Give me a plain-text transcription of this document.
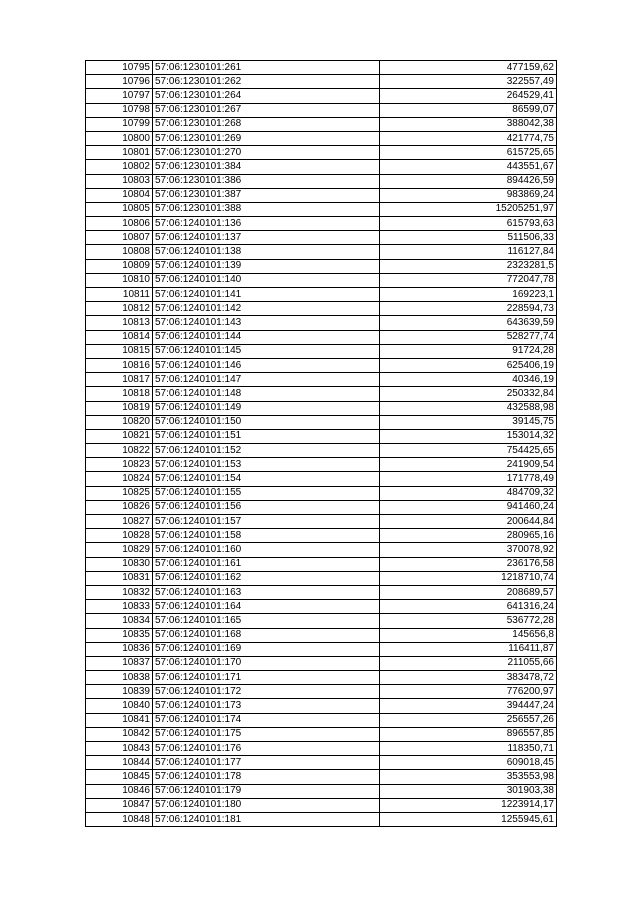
10795	57:06:1230101:261	477159,62
10796	57:06:1230101:262	322557,49
10797	57:06:1230101:264	264529,41
10798	57:06:1230101:267	86599,07
10799	57:06:1230101:268	388042,38
10800	57:06:1230101:269	421774,75
10801	57:06:1230101:270	615725,65
10802	57:06:1230101:384	443551,67
10803	57:06:1230101:386	894426,59
10804	57:06:1230101:387	983869,24
10805	57:06:1230101:388	15205251,97
10806	57:06:1240101:136	615793,63
10807	57:06:1240101:137	511506,33
10808	57:06:1240101:138	116127,84
10809	57:06:1240101:139	2323281,5
10810	57:06:1240101:140	772047,78
10811	57:06:1240101:141	169223,1
10812	57:06:1240101:142	228594,73
10813	57:06:1240101:143	643639,59
10814	57:06:1240101:144	528277,74
10815	57:06:1240101:145	91724,28
10816	57:06:1240101:146	625406,19
10817	57:06:1240101:147	40346,19
10818	57:06:1240101:148	250332,84
10819	57:06:1240101:149	432588,98
10820	57:06:1240101:150	39145,75
10821	57:06:1240101:151	153014,32
10822	57:06:1240101:152	754425,65
10823	57:06:1240101:153	241909,54
10824	57:06:1240101:154	171778,49
10825	57:06:1240101:155	484709,32
10826	57:06:1240101:156	941460,24
10827	57:06:1240101:157	200644,84
10828	57:06:1240101:158	280965,16
10829	57:06:1240101:160	370078,92
10830	57:06:1240101:161	236176,58
10831	57:06:1240101:162	1218710,74
10832	57:06:1240101:163	208689,57
10833	57:06:1240101:164	641316,24
10834	57:06:1240101:165	536772,28
10835	57:06:1240101:168	145656,8
10836	57:06:1240101:169	116411,87
10837	57:06:1240101:170	211055,66
10838	57:06:1240101:171	383478,72
10839	57:06:1240101:172	776200,97
10840	57:06:1240101:173	394447,24
10841	57:06:1240101:174	256557,26
10842	57:06:1240101:175	896557,85
10843	57:06:1240101:176	118350,71
10844	57:06:1240101:177	609018,45
10845	57:06:1240101:178	353553,98
10846	57:06:1240101:179	301903,38
10847	57:06:1240101:180	1223914,17
10848	57:06:1240101:181	1255945,61
